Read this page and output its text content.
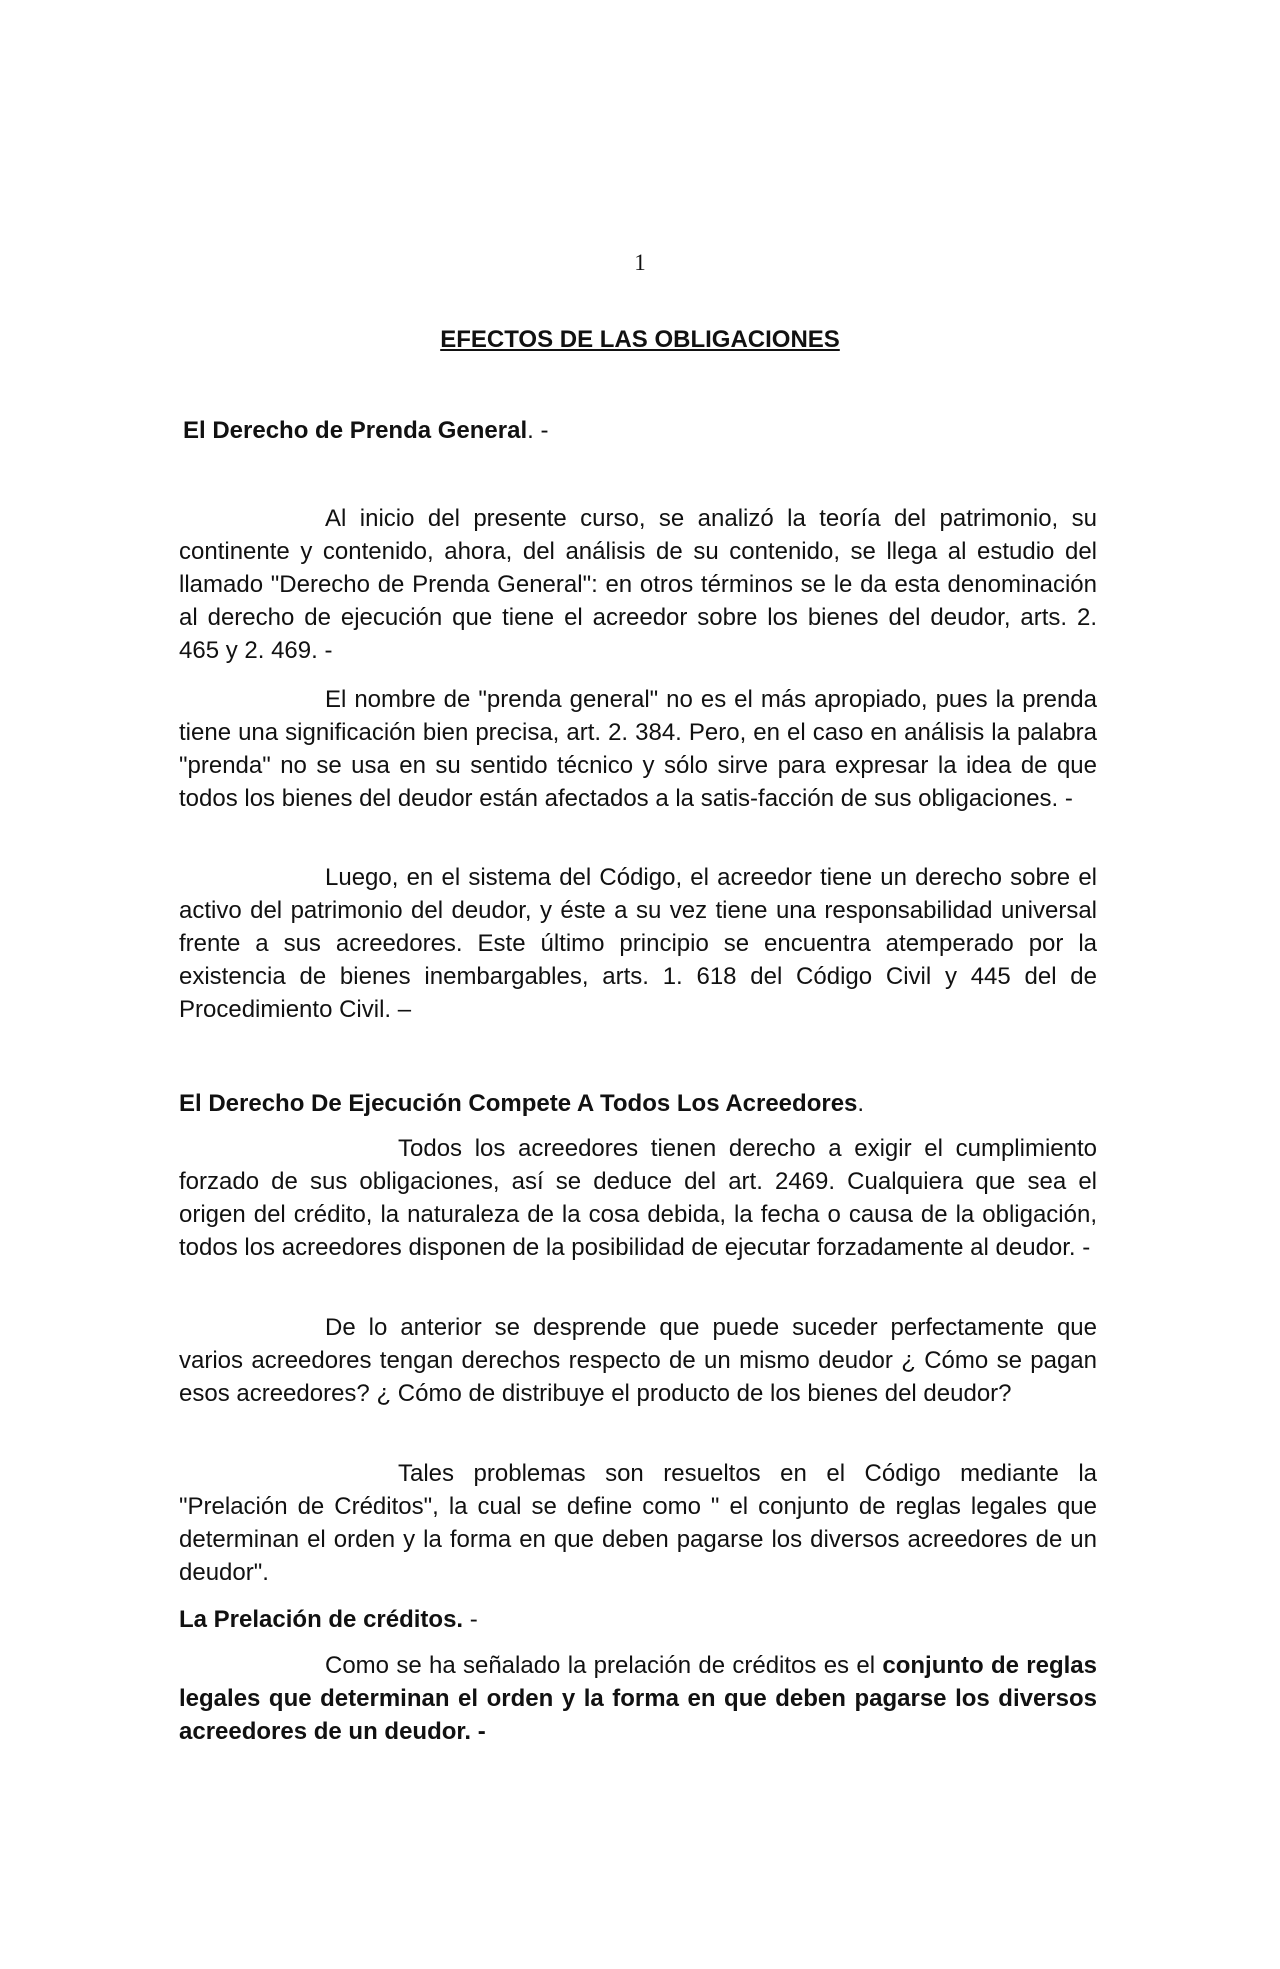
1
EFECTOS DE LAS OBLIGACIONES
El Derecho de Prenda General. -
Al inicio del presente curso, se analizó la teoría del patrimonio, su continente y contenido, ahora, del análisis de su contenido, se llega al estudio del llamado "Derecho de Prenda General": en otros términos se le da esta denominación al derecho de ejecución que tiene el acreedor sobre los bienes del deudor, arts. 2. 465 y 2. 469. -
El nombre de "prenda general" no es el más apropiado, pues la prenda tiene una significación bien precisa, art. 2. 384. Pero, en el caso en análisis la palabra "prenda" no se usa en su sentido técnico y sólo sirve para expresar la idea de que todos los bienes del deudor están afectados a la satis-facción de sus obligaciones. -
Luego, en el sistema del Código, el acreedor tiene un derecho sobre el activo del patrimonio del deudor, y éste a su vez tiene una responsabilidad universal frente a sus acreedores. Este último principio se encuentra atemperado por la existencia de bienes inembargables, arts. 1. 618 del Código Civil y 445 del de Procedimiento Civil. –
El Derecho De Ejecución Compete A Todos Los Acreedores.
Todos los acreedores tienen derecho a exigir el cumplimiento forzado de sus obligaciones, así se deduce del art. 2469. Cualquiera que sea el origen del crédito, la naturaleza de la cosa debida, la fecha o causa de la obligación, todos los acreedores disponen de la posibilidad de ejecutar forzadamente al deudor. -
De lo anterior se desprende que puede suceder perfectamente que varios acreedores tengan derechos respecto de un mismo deudor ¿ Cómo se pagan esos acreedores? ¿ Cómo de distribuye el producto de los bienes del deudor?
Tales problemas son resueltos en el Código mediante la "Prelación de Créditos", la cual se define como " el conjunto de reglas legales que determinan el orden y la forma en que deben pagarse los diversos acreedores de un deudor".
La Prelación de créditos. -
Como se ha señalado la prelación de créditos es el conjunto de reglas legales que determinan el orden y la forma en que deben pagarse los diversos acreedores de un deudor. -
